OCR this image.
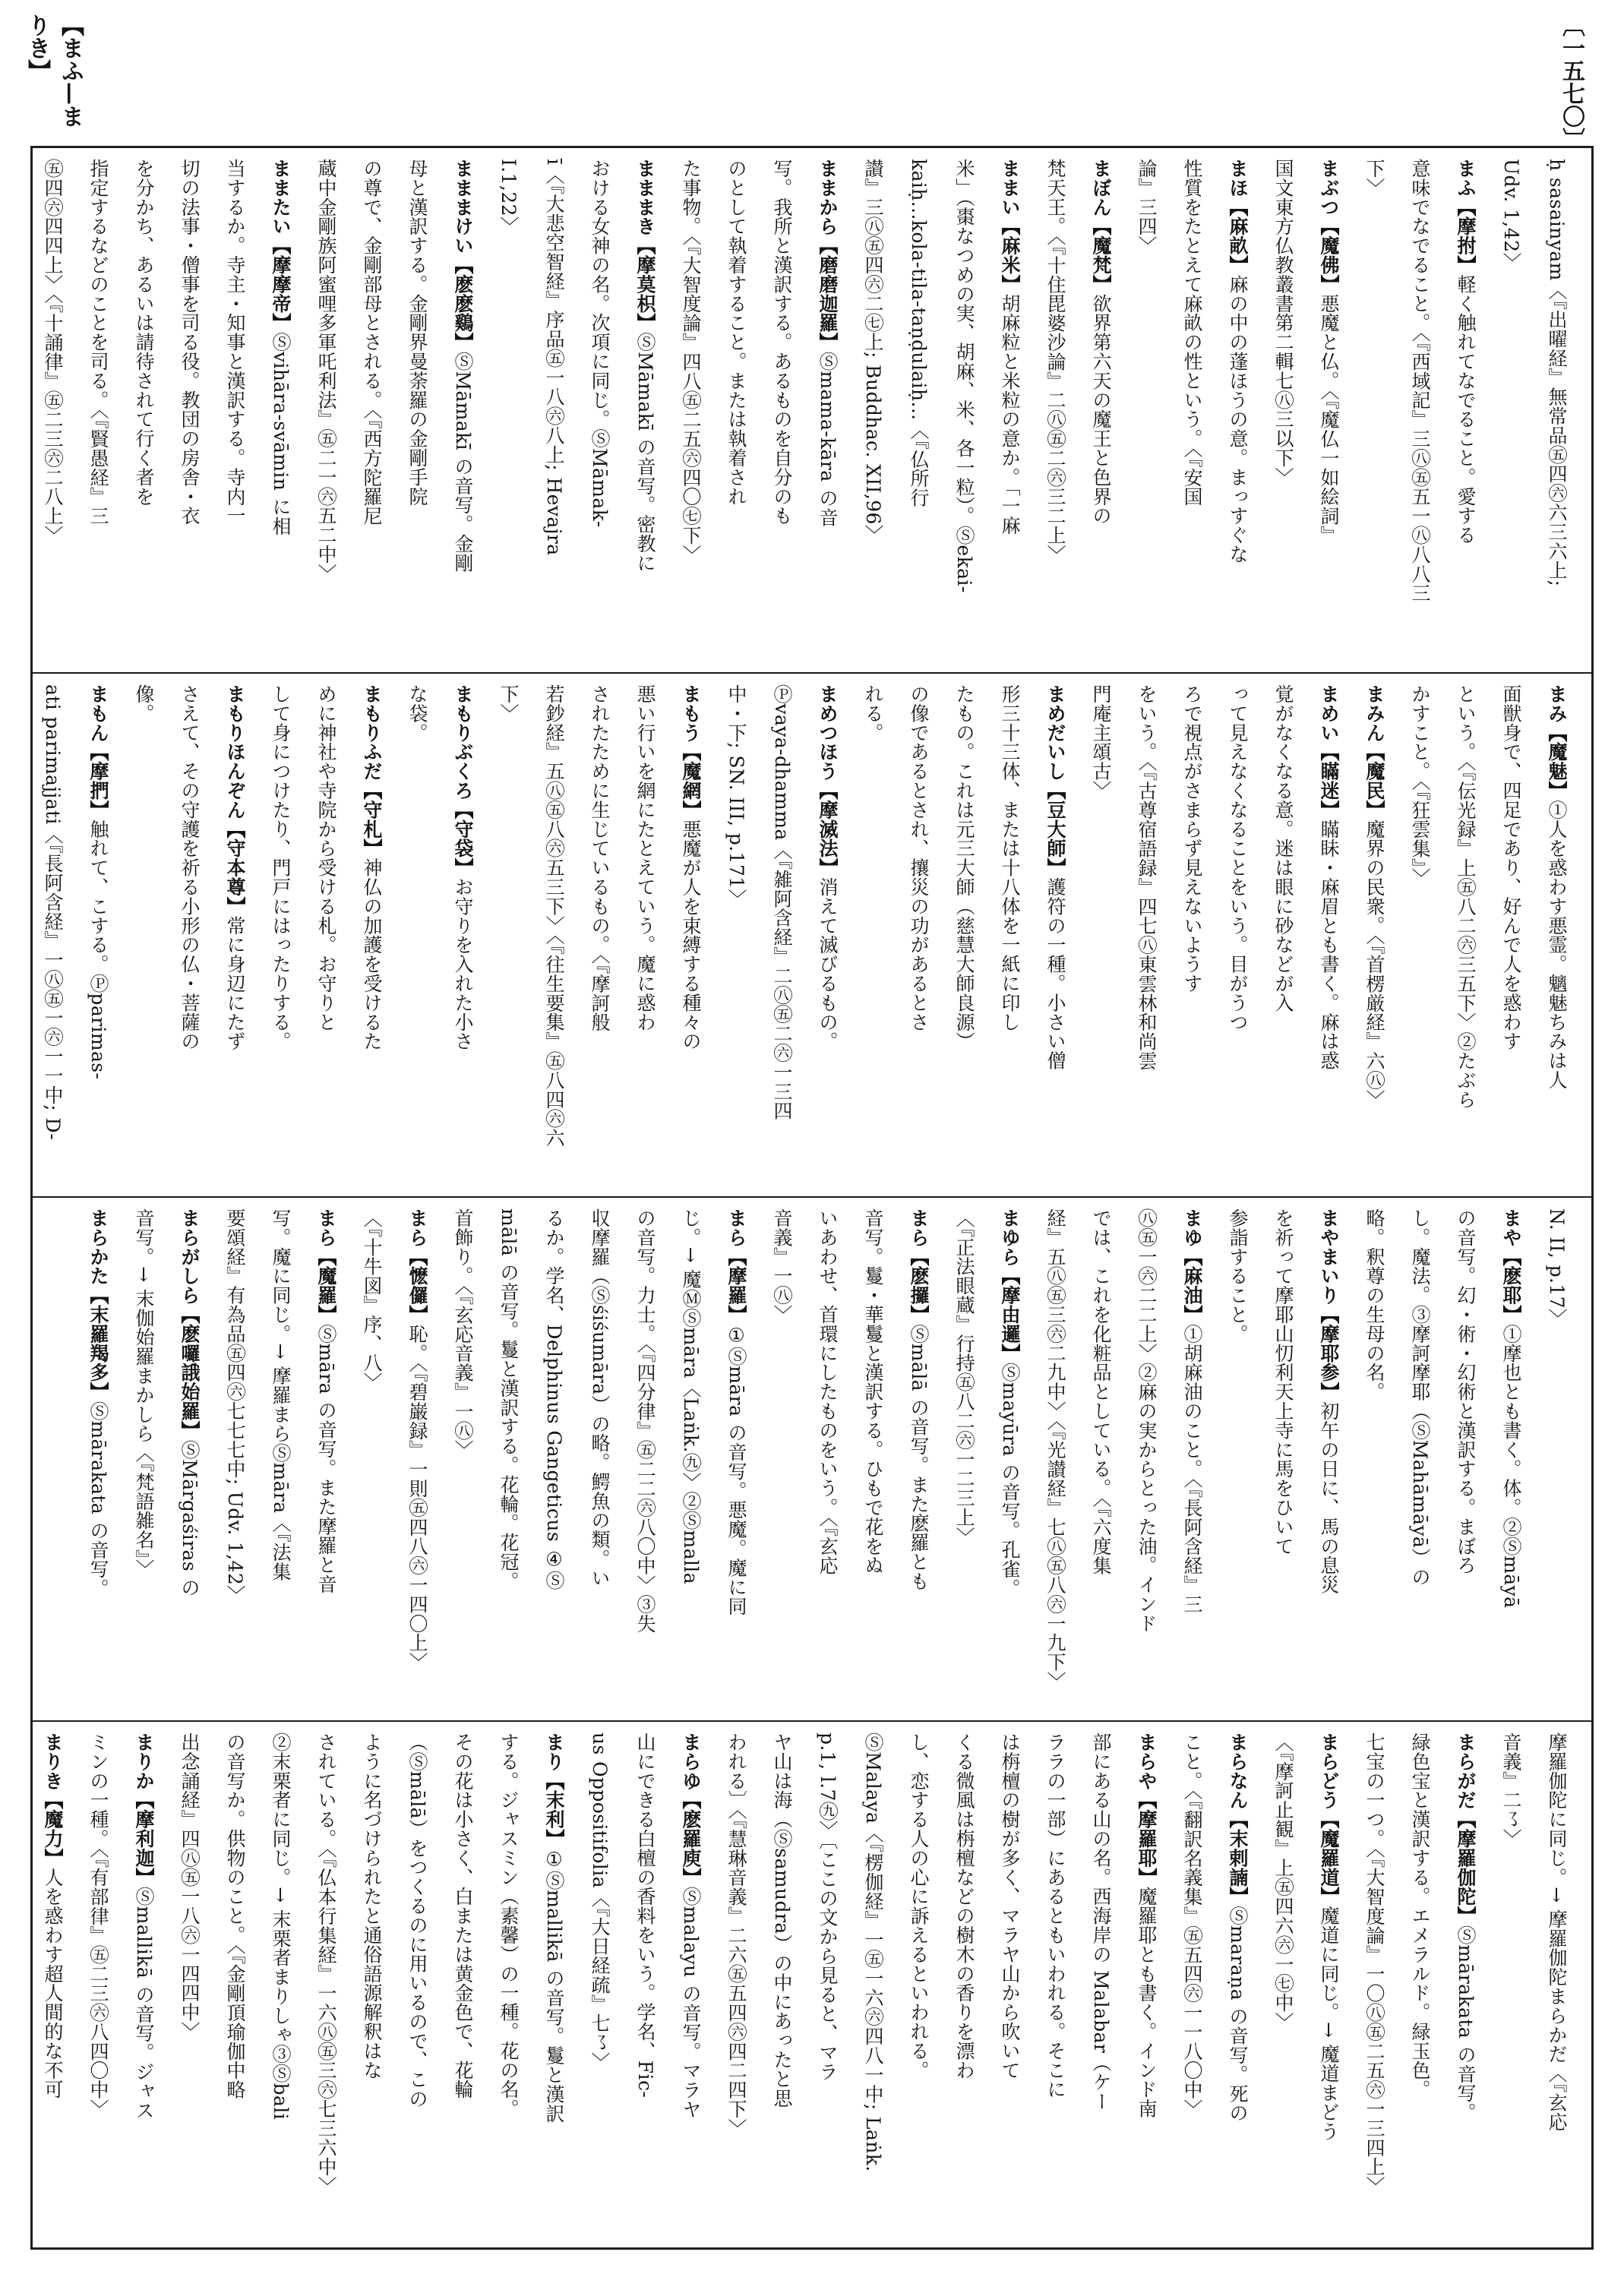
【まふ—まりき】	〔一五七〇〕
ḥ sasainyam〈『出曜経』無常品㊄四㊅六三六上;
Udv. 1,42〉
まふ【摩拊】軽く触れてなでること。愛する
意味でなでること。〈『西域記』三㊇㊄五一㊇八八三
下〉
まぶつ【魔佛】悪魔と仏。〈『魔仏一如絵詞』
国文東方仏教叢書第二輯七㊇三以下〉
まほ【麻畝】麻の中の蓬ほうの意。まっすぐな
性質をたとえて麻畝の性という。〈『安国
論』三四〉
まぼん【魔梵】欲界第六天の魔王と色界の
梵天王。〈『十住毘婆沙論』二㊇㊄二㊅三二上〉
ままい【麻米】胡麻粒と米粒の意か。「一麻
米」（棗なつめの実、胡麻、米、各一粒）。Ⓢekai-
kaiḥ...kola-tila-taṇḍulaiḥ...〈『仏所行
讃』三㊇㊄四㊅二㊆上; Buddhac. XII,96〉
ままから【磨磨迦羅】Ⓢmama-kāra の音
写。我所と漢訳する。あるものを自分のも
のとして執着すること。または執着され
た事物。〈『大智度論』四八㊄二五㊅四〇㊆下〉
まままき【摩莫枳】ⓈMāmakī の音写。密教に
おける女神の名。次項に同じ。ⓈMāmak-
ī〈『大悲空智経』序品㊄一八㊅八上; Hevajra
I.1,22〉
まままけい【麽麽鷄】ⓈMāmakī の音写。金剛
母と漢訳する。金剛界曼荼羅の金剛手院
の尊で、金剛部母とされる。〈『西方陀羅尼
蔵中金剛族阿蜜哩多軍吒利法』㊄二一㊅五二中〉
ままたい【摩摩帝】Ⓢvihāra-svāmin に相
当するか。寺主・知事と漢訳する。寺内一
切の法事・僧事を司る役。教団の房舎・衣
を分かち、あるいは請待されて行く者を
指定するなどのことを司る。〈『賢愚経』三
㊄四㊅四四上〉〈『十誦律』㊄二三㊅二八上〉
まみ【魔魅】①人を惑わす悪霊。魑魅ちみは人
面獣身で、四足であり、好んで人を惑わす
という。〈『伝光録』上㊄八二㊅三五下〉②たぶら
かすこと。〈『狂雲集』〉
まみん【魔民】魔界の民衆。〈『首楞厳経』六㊇〉
まめい【瞞迷】瞞眛・麻眉とも書く。麻は惑
覚がなくなる意。迷は眼に砂などが入
って見えなくなることをいう。目がうつ
ろで視点がさまらず見えないようす
をいう。〈『古尊宿語録』四七㊇東雲林和尚雲
門庵主頌古〉
まめだいし【豆大師】護符の一種。小さい僧
形三十三体、または十八体を一紙に印し
たもの。これは元三大師（慈慧大師良源）
の像であるとされ、攘災の功があるとさ
れる。
まめつほう【摩滅法】消えて滅びるもの。
Ⓟvaya-dhamma〈『雑阿含経』二㊇㊄二㊅一三四
中・下; SN. III, p.171〉
まもう【魔網】悪魔が人を束縛する種々の
悪い行いを網にたとえていう。魔に惑わ
されたために生じているもの。〈『摩訶般
若鈔経』五㊇㊄八㊅五三下〉〈『往生要集』㊄八四㊅六
下〉
まもりぶくろ【守袋】お守りを入れた小さ
な袋。
まもりふだ【守札】神仏の加護を受けるた
めに神社や寺院から受ける札。お守りと
して身につけたり、門戸にはったりする。
まもりほんぞん【守本尊】常に身辺にたず
さえて、その守護を祈る小形の仏・菩薩の
像。
まもん【摩捫】触れて、こする。Ⓟparimas-
ati parimajjati〈『長阿含経』一㊇㊄一㊅一一中; D-
N. II, p.17〉
まや【麽耶】①摩也とも書く。体。②Ⓢmāyā
の音写。幻・術・幻術と漢訳する。まぼろ
し。魔法。③摩訶摩耶（ⓈMahāmāyā）の
略。釈尊の生母の名。
まやまいり【摩耶参】初午の日に、馬の息災
を祈って摩耶山忉利天上寺に馬をひいて
参詣すること。
まゆ【麻油】①胡麻油のこと。〈『長阿含経』三
㊇㊄一㊅二二上〉②麻の実からとった油。インド
では、これを化粧品としている。〈『六度集
経』五㊇㊄三㊅二九中〉〈『光讃経』七㊇㊄八㊅一九下〉
まゆら【摩由邏】Ⓢmayūra の音写。孔雀。
〈『正法眼蔵』行持㊄八二㊅一二三上〉
まら【麽攞】Ⓢmālā の音写。また麽羅とも
音写。鬘・華鬘と漢訳する。ひもで花をぬ
いあわせ、首環にしたものをいう。〈『玄応
音義』一㊇〉
まら【摩羅】①Ⓢmāra の音写。悪魔。魔に同
じ。→ 魔ⓂⓈmāra〈Laṅk.㊈〉②Ⓢmalla
の音写。力士。〈『四分律』㊄二二㊅八〇中〉③失
収摩羅（Ⓢśiśumāra）の略。鰐魚の類。い
るか。学名、Delphinus Gangeticus ④Ⓢ
mālā の音写。鬘と漢訳する。花輪。花冠。
首飾り。〈『玄応音義』一㊇〉
まら【懡儸】恥。〈『碧巌録』一則㊄四八㊅一四〇上〉
〈『十牛図』序、八〉
まら【魔羅】Ⓢmāra の音写。また摩羅と音
写。魔に同じ。→ 摩羅まらⓈmāra〈『法集
要頌経』有為品㊄四㊅七七七中; Udv. 1,42〉
まらがしら【麽囉誐始羅】ⓈMārgaśiras の
音写。→ 末伽始羅まかしら〈『梵語雑名』〉
まらかた【末羅羯多】Ⓢmārakata の音写。
摩羅伽陀に同じ。→ 摩羅伽陀まらかだ〈『玄応
音義』二㇌〉
まらがだ【摩羅伽陀】Ⓢmārakata の音写。
緑色宝と漢訳する。エメラルド。緑玉色。
七宝の一つ。〈『大智度論』一〇㊇㊄二五㊅一三四上〉
まらどう【魔羅道】魔道に同じ。→ 魔道まどう
〈『摩訶止観』上㊄四六㊅一㊆中〉
まらなん【末剌諵】Ⓢmaraṇa の音写。死の
こと。〈『翻訳名義集』㊄五四㊅一一八〇中〉
まらや【摩羅耶】魔羅耶とも書く。インド南
部にある山の名。西海岸の Malabar（ケー
ララの一部）にあるともいわれる。そこに
は栴檀の樹が多く、マラヤ山から吹いて
くる微風は栴檀などの樹木の香りを漂わ
し、恋する人の心に訴えるといわれる。
ⓈMalaya〈『楞伽経』一㊄一六㊅四八一中; Laṅk.
p.1, l.7㊈〉〔ここの文から見ると、マラ
ヤ山は海（Ⓢsamudra）の中にあったと思
われる〕〈『慧琳音義』二六㊄五四㊅四二四下〉
まらゆ【麽羅庾】Ⓢmalayu の音写。マラヤ
山にできる白檀の香料をいう。学名、Fic-
us Oppositifolia〈『大日経疏』七㇌〉
まり【末利】①Ⓢmallikā の音写。鬘と漢訳
する。ジャスミン（素馨）の一種。花の名。
その花は小さく、白または黄金色で、花輪
（Ⓢmālā）をつくるのに用いるので、この
ように名づけられたと通俗語源解釈はな
されている。〈『仏本行集経』一六㊇㊄三㊅七三六中〉
②末栗者に同じ。→ 末栗者まりしゃ③Ⓢbali
の音写か。供物のこと。〈『金剛頂瑜伽中略
出念誦経』四㊇㊄一八㊅一四四中〉
まりか【摩利迦】Ⓢmallikā の音写。ジャス
ミンの一種。〈『有部律』㊄二三㊅八四〇中〉
まりき【魔力】人を惑わす超人間的な不可
